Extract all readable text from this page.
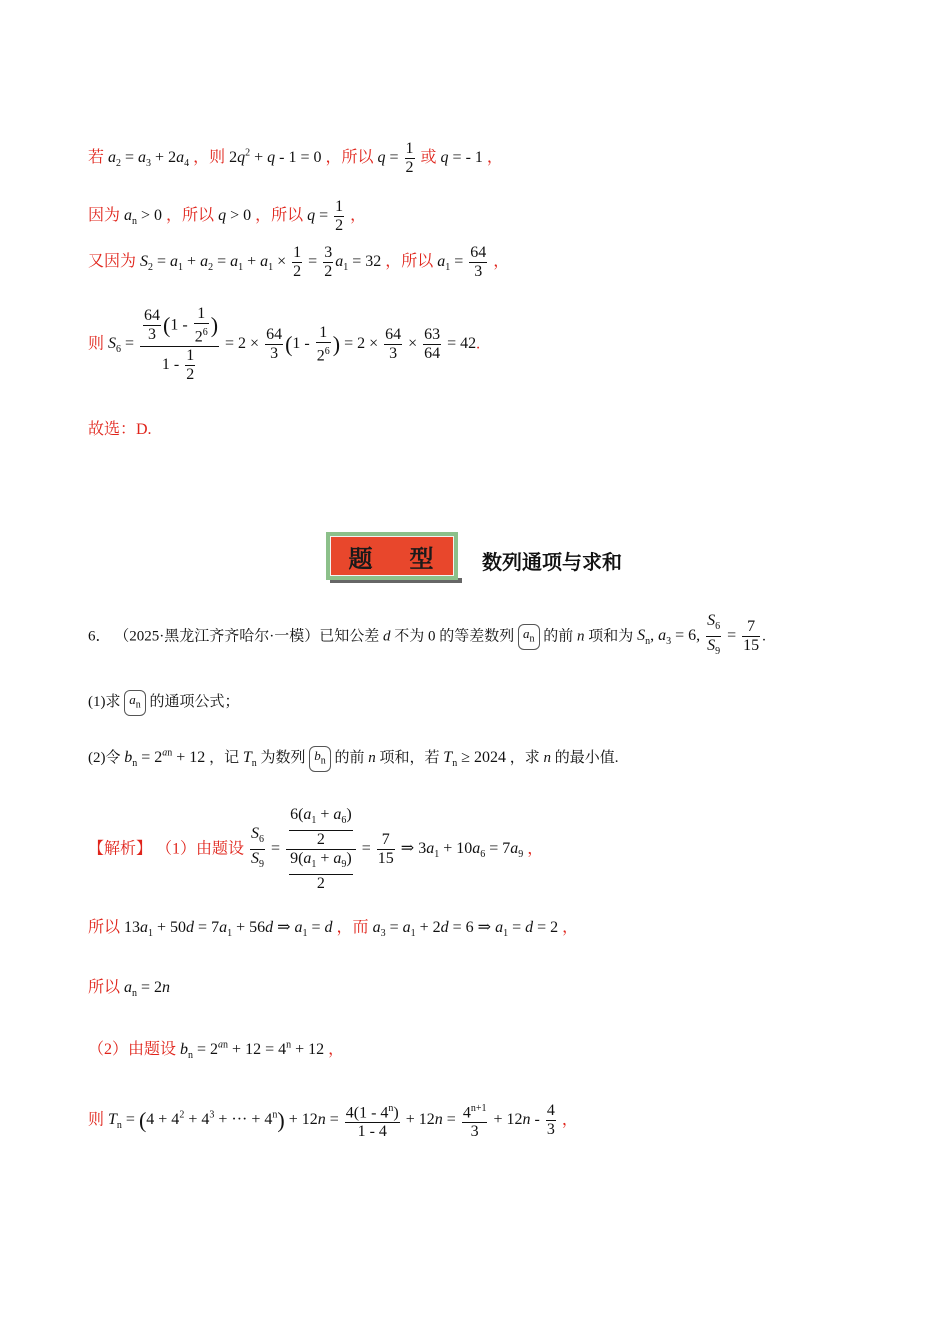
若 $a_2 = a_3 + 2a_4$ ，则 $2q^2 + q - 1 = 0$ ，所以 $q = \frac{1}{2}$ 或 q = - 1 ，
因为 $a_n > 0$ ，所以 q > 0 ，所以 $q = \frac{1}{2}$ ，
又因为 $S_2 = a_1 + a_2 = a_1 + a_1 \times \frac{1}{2} = \frac{3}{2} a_1 = 32$ ，所以 $a_1 = \frac{64}{3}$ ，
则 $S_6 = \frac{\frac{64}{3} (1 - \frac{1}{2^6} )}{1 - \frac{1}{2}} = 2 \times \frac{64}{3} (1 - \frac{1}{2^6}$ ) = $2 \times \frac{64}{3} \times \frac{63}{64} = 42$.
故选：D.
题 型 数列通项与求和
6． （2025·黑龙江齐齐哈尔·一模）已知公差 d 不为 0 的等差数列 $a_n$ 的前 n 项和为 $S_n$, $a_3 = 6$, $\frac{S_6}{S_9} = \frac{7}{15}$ .
(1)求 $a_n$ 的通项公式；
(2)令 $b_n = 2^{an} + 12$ ，记 $T_n$ 为数列 $b_n$ 的前 n 项和，若 $T_n \ge 2024$ ，求 n 的最小值.
【解析】 （1）由题设 $\frac{S_6}{S_9} = \frac{\frac{6(a_1 + a_6)}{2}}{\frac{9(a_1 + a_9)}{2}} = \frac{7}{15}$ ⇒ $3a_1 + 10a_6 = 7a_9$ ，
所以 $13a_1 + 50d = 7a_1 + 56d$ ⇒ $a_1 = d$ ，而 $a_3 = a_1 + 2d = 6$ ⇒ $a_1 = d = 2$ ，
所以 $a_n = 2n$
（2）由题设 $b_n = 2^{an} + 12 = 4^n + 12$ ，
则 $T_n = (4 + 4^2 + 4^3$ + ··· + $4^n) + 12n = \frac{4(1 - 4^n)}{1 - 4} + 12n = \frac{4^{n+1}}{3} + 12n - \frac{4}{3}$ ，
